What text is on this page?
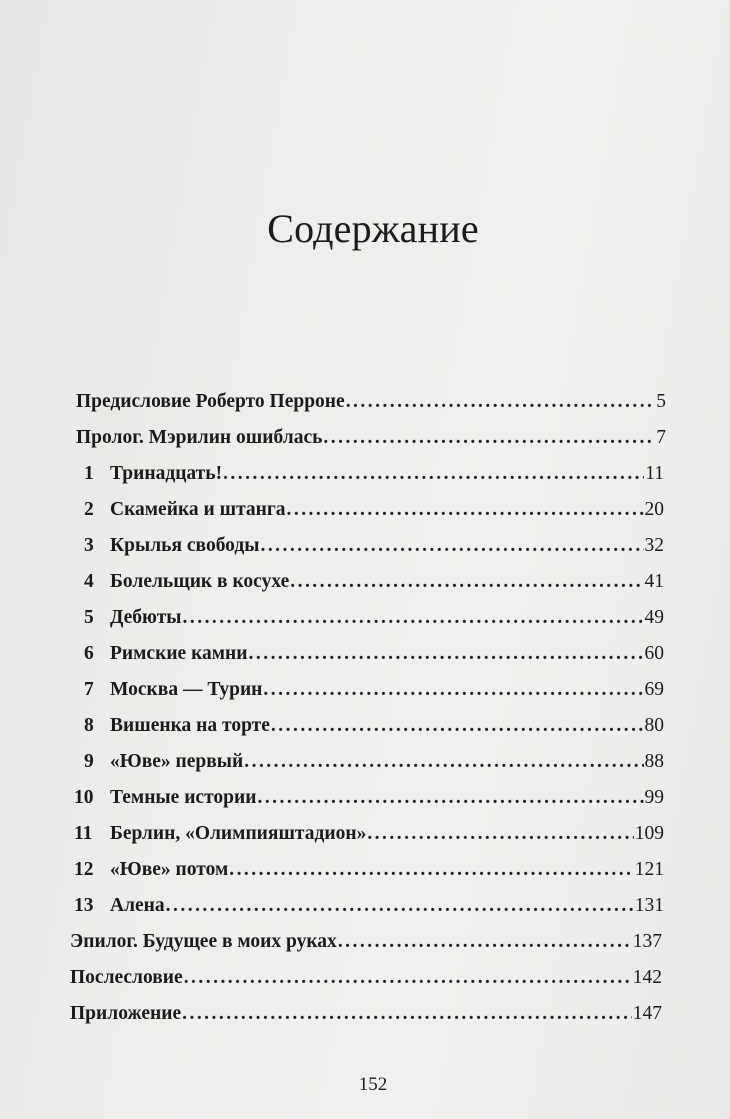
Содержание
Предисловие Роберто Перроне . . .	5
Пролог. Мэрилин ошиблась . . .	7
1 Тринадцать! . . .	11
2 Скамейка и штанга . . .	20
3 Крылья свободы . . .	32
4 Болельщик в косухе . . .	41
5 Дебюты . . .	49
6 Римские камни . . .	60
7 Москва — Турин . . .	69
8 Вишенка на торте . . .	80
9 «Юве» первый . . .	88
10 Темные истории . . .	99
11 Берлин, «Олимпияштадион» . . .	109
12 «Юве» потом . . .	121
13 Алена . . .	131
Эпилог. Будущее в моих руках . . .	137
Послесловие . . .	142
Приложение . . .	147
152
